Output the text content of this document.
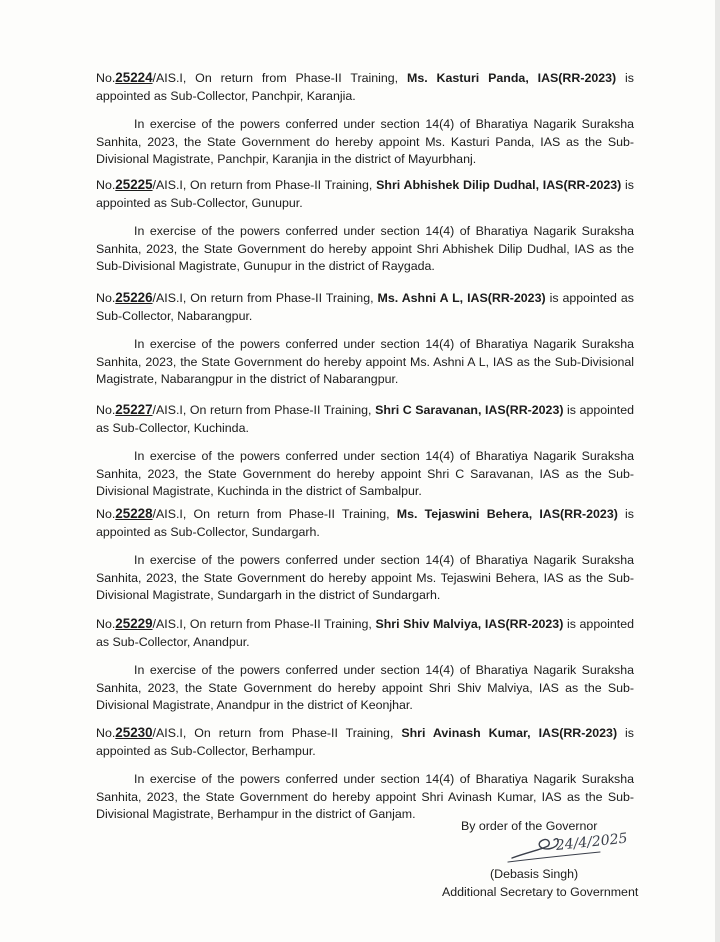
No.25224/AIS.I, On return from Phase-II Training, Ms. Kasturi Panda, IAS(RR-2023) is appointed as Sub-Collector, Panchpir, Karanjia.

In exercise of the powers conferred under section 14(4) of Bharatiya Nagarik Suraksha Sanhita, 2023, the State Government do hereby appoint Ms. Kasturi Panda, IAS as the Sub-Divisional Magistrate, Panchpir, Karanjia in the district of Mayurbhanj.

No.25225/AIS.I, On return from Phase-II Training, Shri Abhishek Dilip Dudhal, IAS(RR-2023) is appointed as Sub-Collector, Gunupur.

In exercise of the powers conferred under section 14(4) of Bharatiya Nagarik Suraksha Sanhita, 2023, the State Government do hereby appoint Shri Abhishek Dilip Dudhal, IAS as the Sub-Divisional Magistrate, Gunupur in the district of Raygada.

No.25226/AIS.I, On return from Phase-II Training, Ms. Ashni A L, IAS(RR-2023) is appointed as Sub-Collector, Nabarangpur.

In exercise of the powers conferred under section 14(4) of Bharatiya Nagarik Suraksha Sanhita, 2023, the State Government do hereby appoint Ms. Ashni A L, IAS as the Sub-Divisional Magistrate, Nabarangpur in the district of Nabarangpur.

No.25227/AIS.I, On return from Phase-II Training, Shri C Saravanan, IAS(RR-2023) is appointed as Sub-Collector, Kuchinda.

In exercise of the powers conferred under section 14(4) of Bharatiya Nagarik Suraksha Sanhita, 2023, the State Government do hereby appoint Shri C Saravanan, IAS as the Sub-Divisional Magistrate, Kuchinda in the district of Sambalpur.

No.25228/AIS.I, On return from Phase-II Training, Ms. Tejaswini Behera, IAS(RR-2023) is appointed as Sub-Collector, Sundargarh.

In exercise of the powers conferred under section 14(4) of Bharatiya Nagarik Suraksha Sanhita, 2023, the State Government do hereby appoint Ms. Tejaswini Behera, IAS as the Sub-Divisional Magistrate, Sundargarh in the district of Sundargarh.

No.25229/AIS.I, On return from Phase-II Training, Shri Shiv Malviya, IAS(RR-2023) is appointed as Sub-Collector, Anandpur.

In exercise of the powers conferred under section 14(4) of Bharatiya Nagarik Suraksha Sanhita, 2023, the State Government do hereby appoint Shri Shiv Malviya, IAS as the Sub-Divisional Magistrate, Anandpur in the district of Keonjhar.

No.25230/AIS.I, On return from Phase-II Training, Shri Avinash Kumar, IAS(RR-2023) is appointed as Sub-Collector, Berhampur.

In exercise of the powers conferred under section 14(4) of Bharatiya Nagarik Suraksha Sanhita, 2023, the State Government do hereby appoint Shri Avinash Kumar, IAS as the Sub-Divisional Magistrate, Berhampur in the district of Ganjam.

By order of the Governor
24/4/2025
(Debasis Singh)
Additional Secretary to Government
